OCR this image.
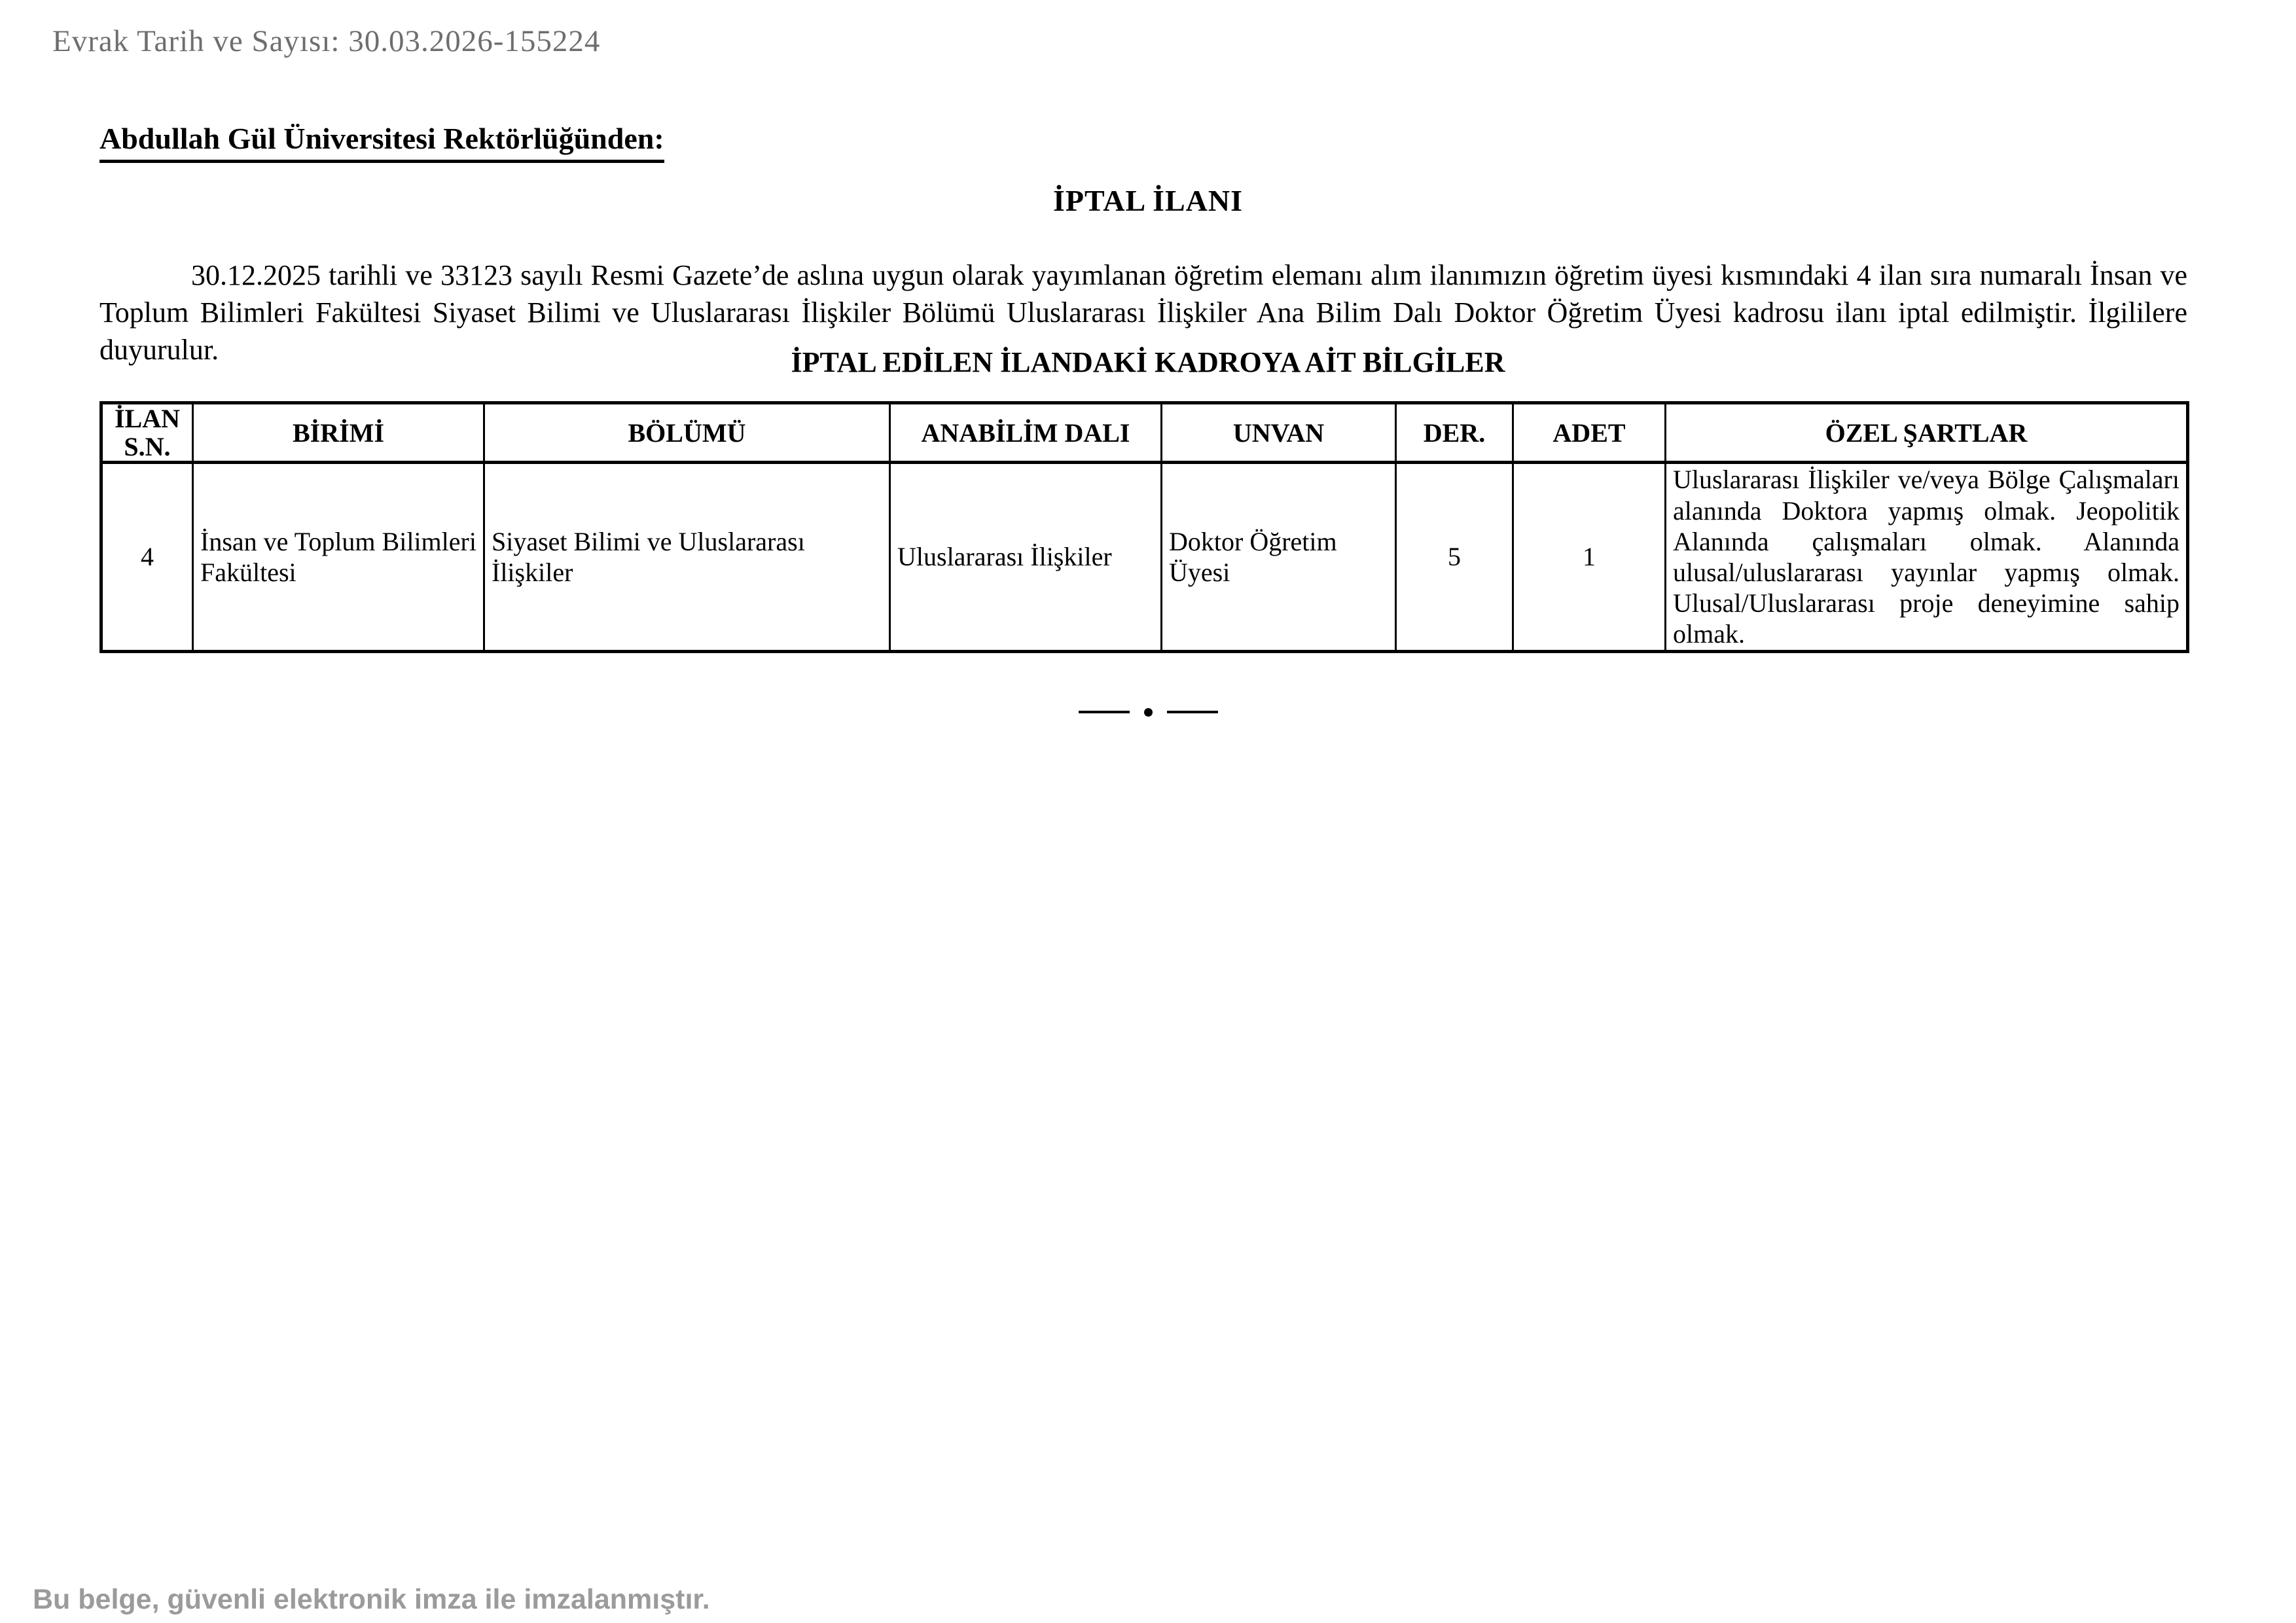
Evrak Tarih ve Sayısı: 30.03.2026-155224
Abdullah Gül Üniversitesi Rektörlüğünden:
İPTAL İLANI
30.12.2025 tarihli ve 33123 sayılı Resmi Gazete’de aslına uygun olarak yayımlanan öğretim elemanı alım ilanımızın öğretim üyesi kısmındaki 4 ilan sıra numaralı İnsan ve Toplum Bilimleri Fakültesi Siyaset Bilimi ve Uluslararası İlişkiler Bölümü Uluslararası İlişkiler Ana Bilim Dalı Doktor Öğretim Üyesi kadrosu ilanı iptal edilmiştir. İlgililere duyurulur.	İPTAL EDİLEN İLANDAKİ KADROYA AİT BİLGİLER
İLAN S.N.	BİRİMİ	BÖLÜMÜ	ANABİLİM DALI	UNVAN	DER.	ADET	ÖZEL ŞARTLAR
4	İnsan ve Toplum Bilimleri Fakültesi	Siyaset Bilimi ve Uluslararası İlişkiler	Uluslararası İlişkiler	Doktor Öğretim Üyesi	5	1	Uluslararası İlişkiler ve/veya Bölge Çalışmaları alanında Doktora yapmış olmak. Jeopolitik Alanında çalışmaları olmak. Alanında ulusal/uluslararası yayınlar yapmış olmak. Ulusal/Uluslararası proje deneyimine sahip olmak.
Bu belge, güvenli elektronik imza ile imzalanmıştır.
